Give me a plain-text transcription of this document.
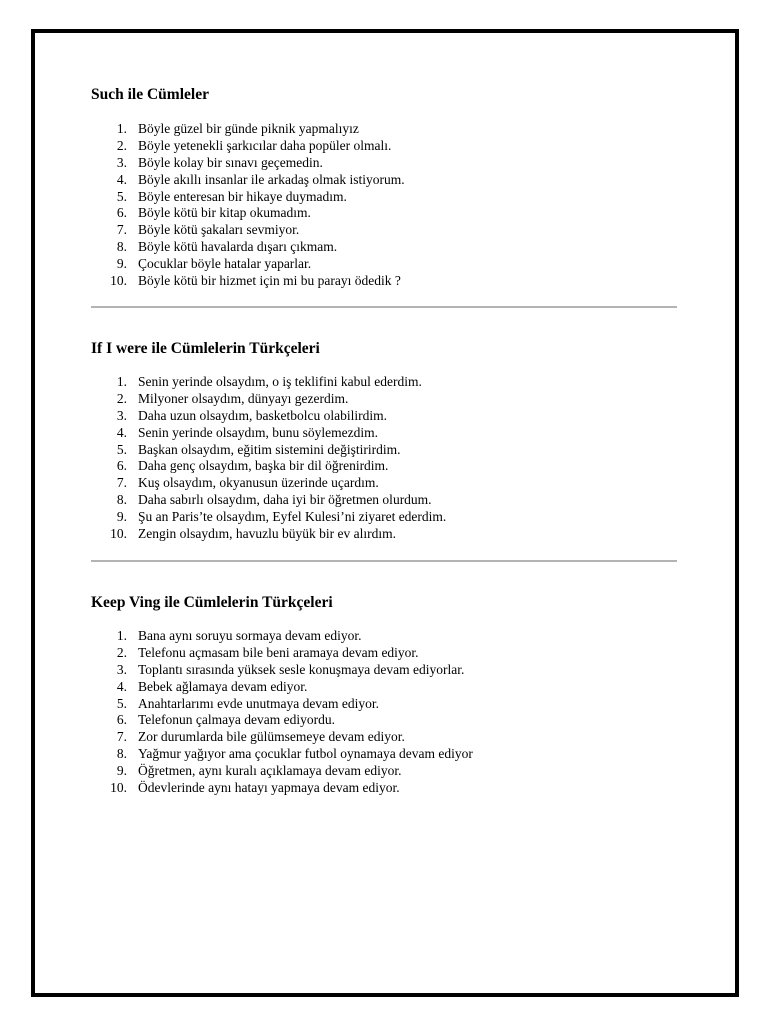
Such ile Cümleler
1. Böyle güzel bir günde piknik yapmalıyız
2. Böyle yetenekli şarkıcılar daha popüler olmalı.
3. Böyle kolay bir sınavı geçemedin.
4. Böyle akıllı insanlar ile arkadaş olmak istiyorum.
5. Böyle enteresan bir hikaye duymadım.
6. Böyle kötü bir kitap okumadım.
7. Böyle kötü şakaları sevmiyor.
8. Böyle kötü havalarda dışarı çıkmam.
9. Çocuklar böyle hatalar yaparlar.
10. Böyle kötü bir hizmet için mi bu parayı ödedik ?
If I were ile Cümlelerin Türkçeleri
1. Senin yerinde olsaydım, o iş teklifini kabul ederdim.
2. Milyoner olsaydım, dünyayı gezerdim.
3. Daha uzun olsaydım, basketbolcu olabilirdim.
4. Senin yerinde olsaydım, bunu söylemezdim.
5. Başkan olsaydım, eğitim sistemini değiştirirdim.
6. Daha genç olsaydım, başka bir dil öğrenirdim.
7. Kuş olsaydım, okyanusun üzerinde uçardım.
8. Daha sabırlı olsaydım, daha iyi bir öğretmen olurdum.
9. Şu an Paris’te olsaydım, Eyfel Kulesi’ni ziyaret ederdim.
10. Zengin olsaydım, havuzlu büyük bir ev alırdım.
Keep Ving ile Cümlelerin Türkçeleri
1. Bana aynı soruyu sormaya devam ediyor.
2. Telefonu açmasam bile beni aramaya devam ediyor.
3. Toplantı sırasında yüksek sesle konuşmaya devam ediyorlar.
4. Bebek ağlamaya devam ediyor.
5. Anahtarlarımı evde unutmaya devam ediyor.
6. Telefonun çalmaya devam ediyordu.
7. Zor durumlarda bile gülümsemeye devam ediyor.
8. Yağmur yağıyor ama çocuklar futbol oynamaya devam ediyor
9. Öğretmen, aynı kuralı açıklamaya devam ediyor.
10. Ödevlerinde aynı hatayı yapmaya devam ediyor.
